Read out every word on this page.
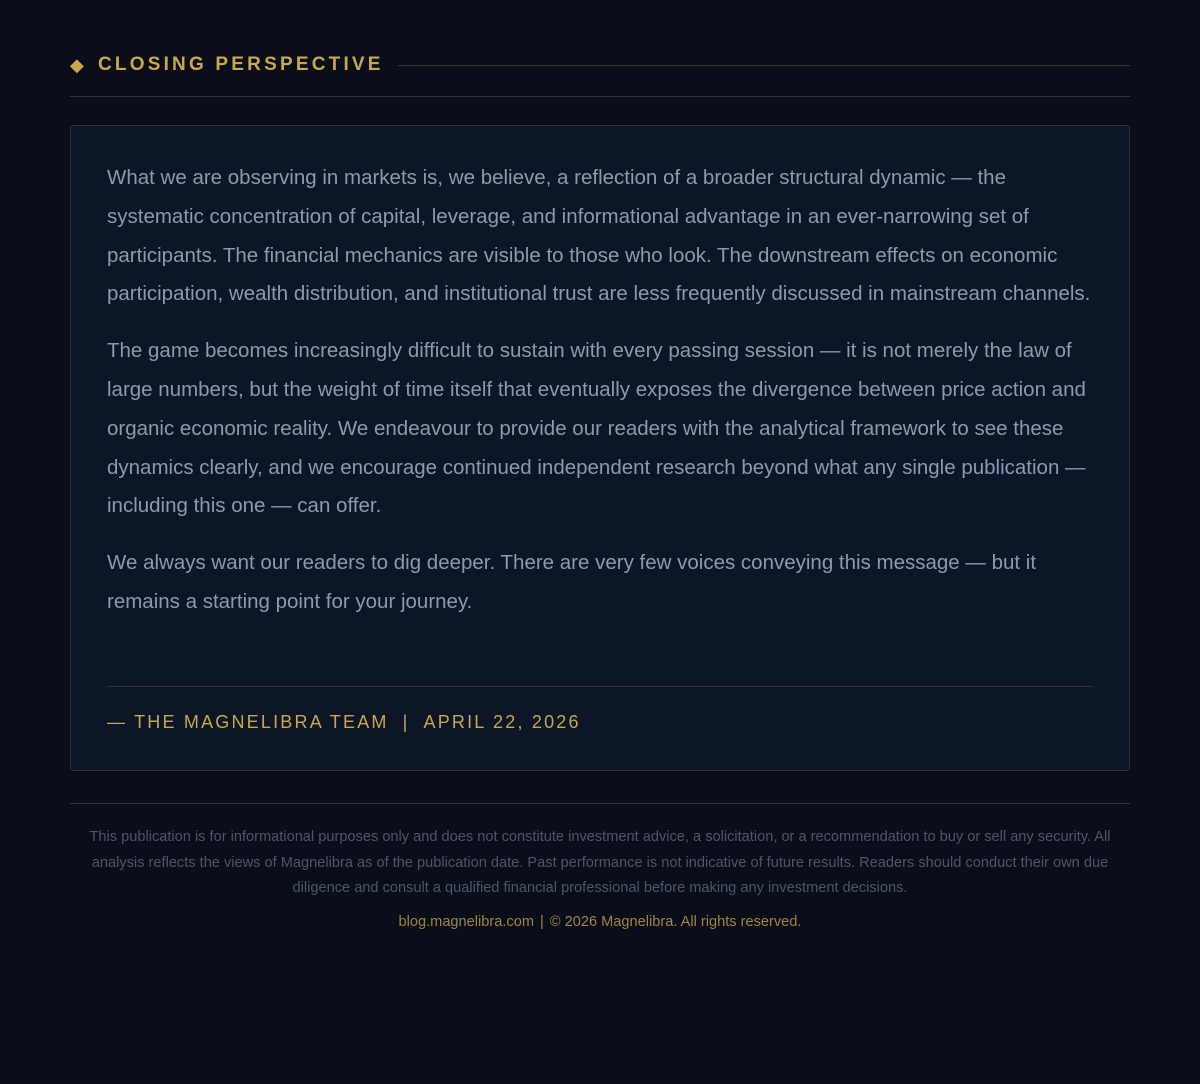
◆ CLOSING PERSPECTIVE

What we are observing in markets is, we believe, a reflection of a broader structural dynamic — the systematic concentration of capital, leverage, and informational advantage in an ever-narrowing set of participants. The financial mechanics are visible to those who look. The downstream effects on economic participation, wealth distribution, and institutional trust are less frequently discussed in mainstream channels.

The game becomes increasingly difficult to sustain with every passing session — it is not merely the law of large numbers, but the weight of time itself that eventually exposes the divergence between price action and organic economic reality. We endeavour to provide our readers with the analytical framework to see these dynamics clearly, and we encourage continued independent research beyond what any single publication — including this one — can offer.

We always want our readers to dig deeper. There are very few voices conveying this message — but it remains a starting point for your journey.

— THE MAGNELIBRA TEAM | APRIL 22, 2026

This publication is for informational purposes only and does not constitute investment advice, a solicitation, or a recommendation to buy or sell any security. All analysis reflects the views of Magnelibra as of the publication date. Past performance is not indicative of future results. Readers should conduct their own due diligence and consult a qualified financial professional before making any investment decisions.

blog.magnelibra.com | © 2026 Magnelibra. All rights reserved.
